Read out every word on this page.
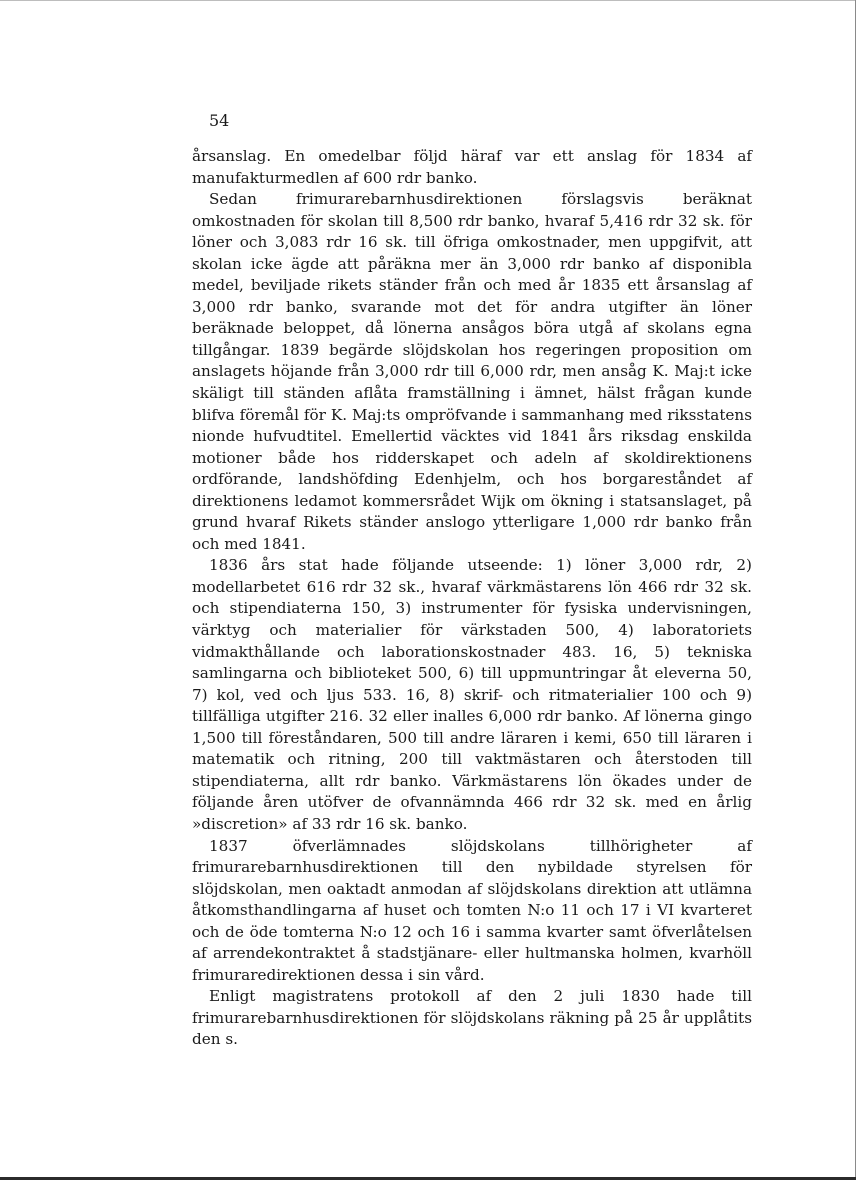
54

årsanslag. En omedelbar följd häraf var ett anslag för 1834 af manufakturmedlen af 600 rdr banko.

Sedan frimurarebarnhusdirektionen förslagsvis beräknat omkostnaden för skolan till 8,500 rdr banko, hvaraf 5,416 rdr 32 sk. för löner och 3,083 rdr 16 sk. till öfriga omkostnader, men uppgifvit, att skolan icke ägde att påräkna mer än 3,000 rdr banko af disponibla medel, beviljade rikets ständer från och med år 1835 ett årsanslag af 3,000 rdr banko, svarande mot det för andra utgifter än löner beräknade beloppet, då lönerna ansågos böra utgå af skolans egna tillgångar. 1839 begärde slöjdskolan hos regeringen proposition om anslagets höjande från 3,000 rdr till 6,000 rdr, men ansåg K. Maj:t icke skäligt till ständen aflåta framställning i ämnet, hälst frågan kunde blifva föremål för K. Maj:ts ompröfvande i sammanhang med riksstatens nionde hufvudtitel. Emellertid väcktes vid 1841 års riksdag enskilda motioner både hos ridderskapet och adeln af skoldirektionens ordförande, landshöfding Edenhjelm, och hos borgareståndet af direktionens ledamot kommersrådet Wijk om ökning i statsanslaget, på grund hvaraf Rikets ständer anslogo ytterligare 1,000 rdr banko från och med 1841.

1836 års stat hade följande utseende: 1) löner 3,000 rdr, 2) modellarbetet 616 rdr 32 sk., hvaraf värkmästarens lön 466 rdr 32 sk. och stipendiaterna 150, 3) instrumenter för fysiska undervisningen, värktyg och materialier för värkstaden 500, 4) laboratoriets vidmakthållande och laborationskostnader 483. 16, 5) tekniska samlingarna och biblioteket 500, 6) till uppmuntringar åt eleverna 50, 7) kol, ved och ljus 533. 16, 8) skrif- och ritmaterialier 100 och 9) tillfälliga utgifter 216. 32 eller inalles 6,000 rdr banko. Af lönerna gingo 1,500 till föreståndaren, 500 till andre läraren i kemi, 650 till läraren i matematik och ritning, 200 till vaktmästaren och återstoden till stipendiaterna, allt rdr banko. Värkmästarens lön ökades under de följande åren utöfver de ofvannämnda 466 rdr 32 sk. med en årlig »discretion» af 33 rdr 16 sk. banko.

1837 öfverlämnades slöjdskolans tillhörigheter af frimurarebarnhusdirektionen till den nybildade styrelsen för slöjdskolan, men oaktadt anmodan af slöjdskolans direktion att utlämna åtkomsthandlingarna af huset och tomten N:o 11 och 17 i VI kvarteret och de öde tomterna N:o 12 och 16 i samma kvarter samt öfverlåtelsen af arrendekontraktet å stadstjänare- eller hultmanska holmen, kvarhöll frimuraredirektionen dessa i sin vård.

Enligt magistratens protokoll af den 2 juli 1830 hade till frimurarebarnhusdirektionen för slöjdskolans räkning på 25 år upplåtits den s.
